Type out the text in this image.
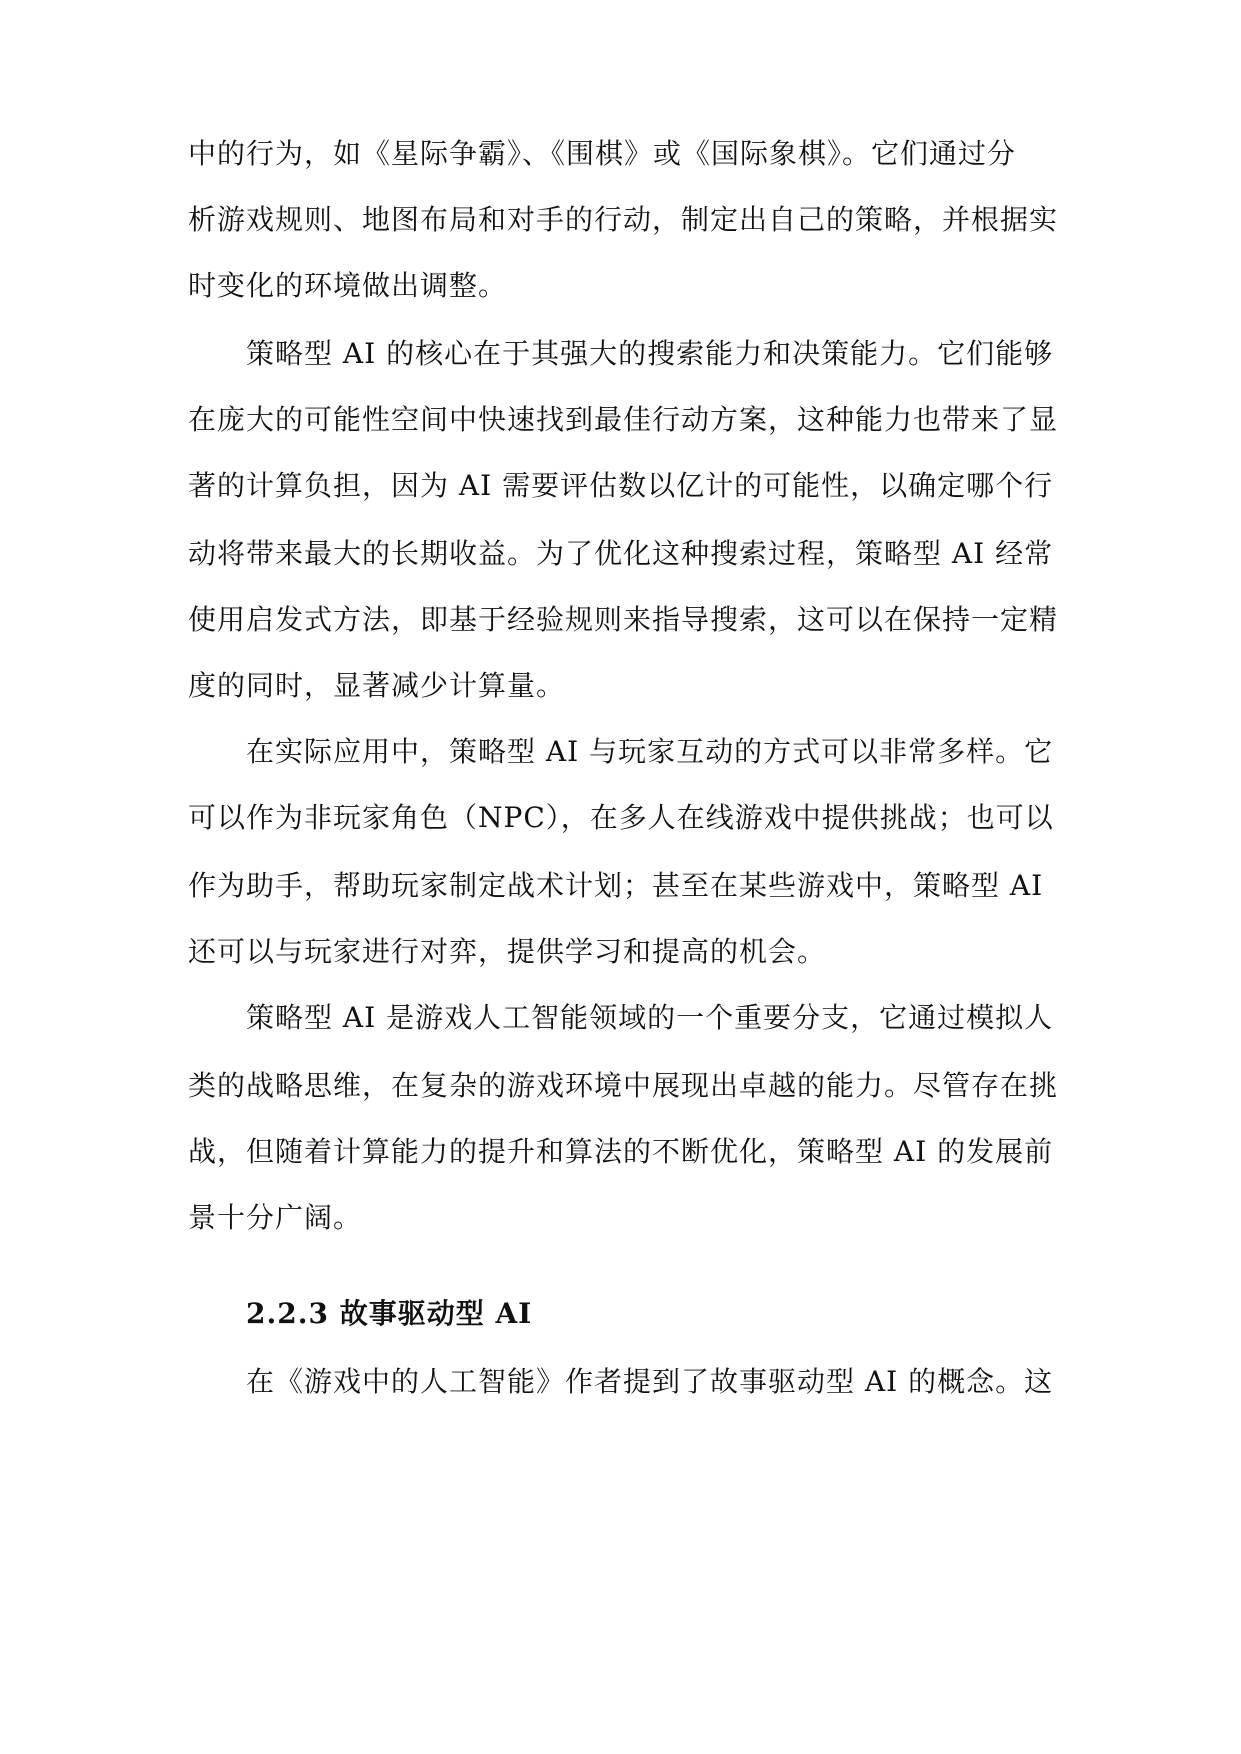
中的行为，如《星际争霸》、《围棋》或《国际象棋》。它们通过分
析游戏规则、地图布局和对手的行动，制定出自己的策略，并根据实
时变化的环境做出调整。
策略型 AI 的核心在于其强大的搜索能力和决策能力。它们能够
在庞大的可能性空间中快速找到最佳行动方案，这种能力也带来了显
著的计算负担，因为 AI 需要评估数以亿计的可能性，以确定哪个行
动将带来最大的长期收益。为了优化这种搜索过程，策略型 AI 经常
使用启发式方法，即基于经验规则来指导搜索，这可以在保持一定精
度的同时，显著减少计算量。
在实际应用中，策略型 AI 与玩家互动的方式可以非常多样。它
可以作为非玩家角色（NPC），在多人在线游戏中提供挑战；也可以
作为助手，帮助玩家制定战术计划；甚至在某些游戏中，策略型 AI
还可以与玩家进行对弈，提供学习和提高的机会。
策略型 AI 是游戏人工智能领域的一个重要分支，它通过模拟人
类的战略思维，在复杂的游戏环境中展现出卓越的能力。尽管存在挑
战，但随着计算能力的提升和算法的不断优化，策略型 AI 的发展前
景十分广阔。
2.2.3 故事驱动型 AI
在《游戏中的人工智能》作者提到了故事驱动型 AI 的概念。这
